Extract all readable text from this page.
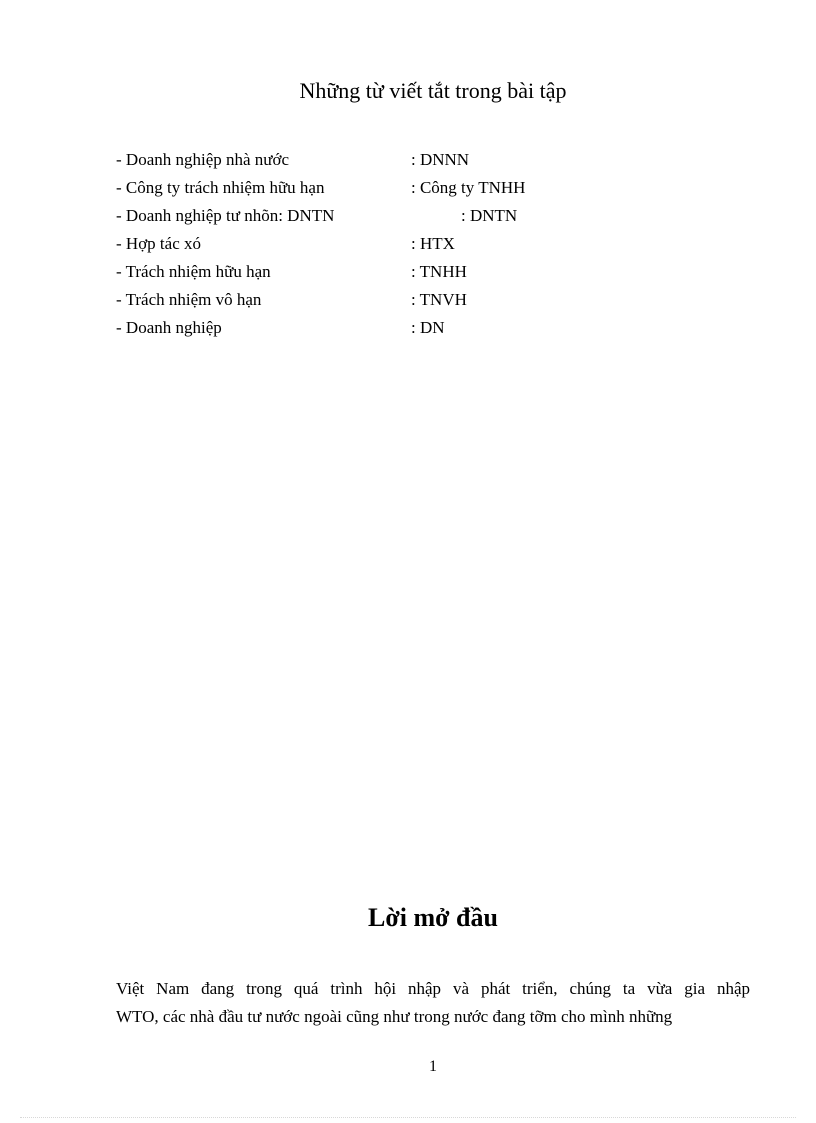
Những từ viết tắt trong bài tập
- Doanh nghiệp nhà nước	: DNNN
- Công ty trách nhiệm hữu hạn	: Công ty TNHH
- Doanh nghiệp tư nhõn: DNTN	: DNTN
- Hợp tác xó	: HTX
- Trách nhiệm hữu hạn	: TNHH
- Trách nhiệm vô hạn	: TNVH
- Doanh nghiệp	: DN
Lời mở đầu
Việt Nam đang trong quá trình hội nhập và phát triển, chúng ta vừa gia nhập
WTO, các nhà đầu tư nước ngoài cũng như trong nước đang tỡm cho mình những
1
